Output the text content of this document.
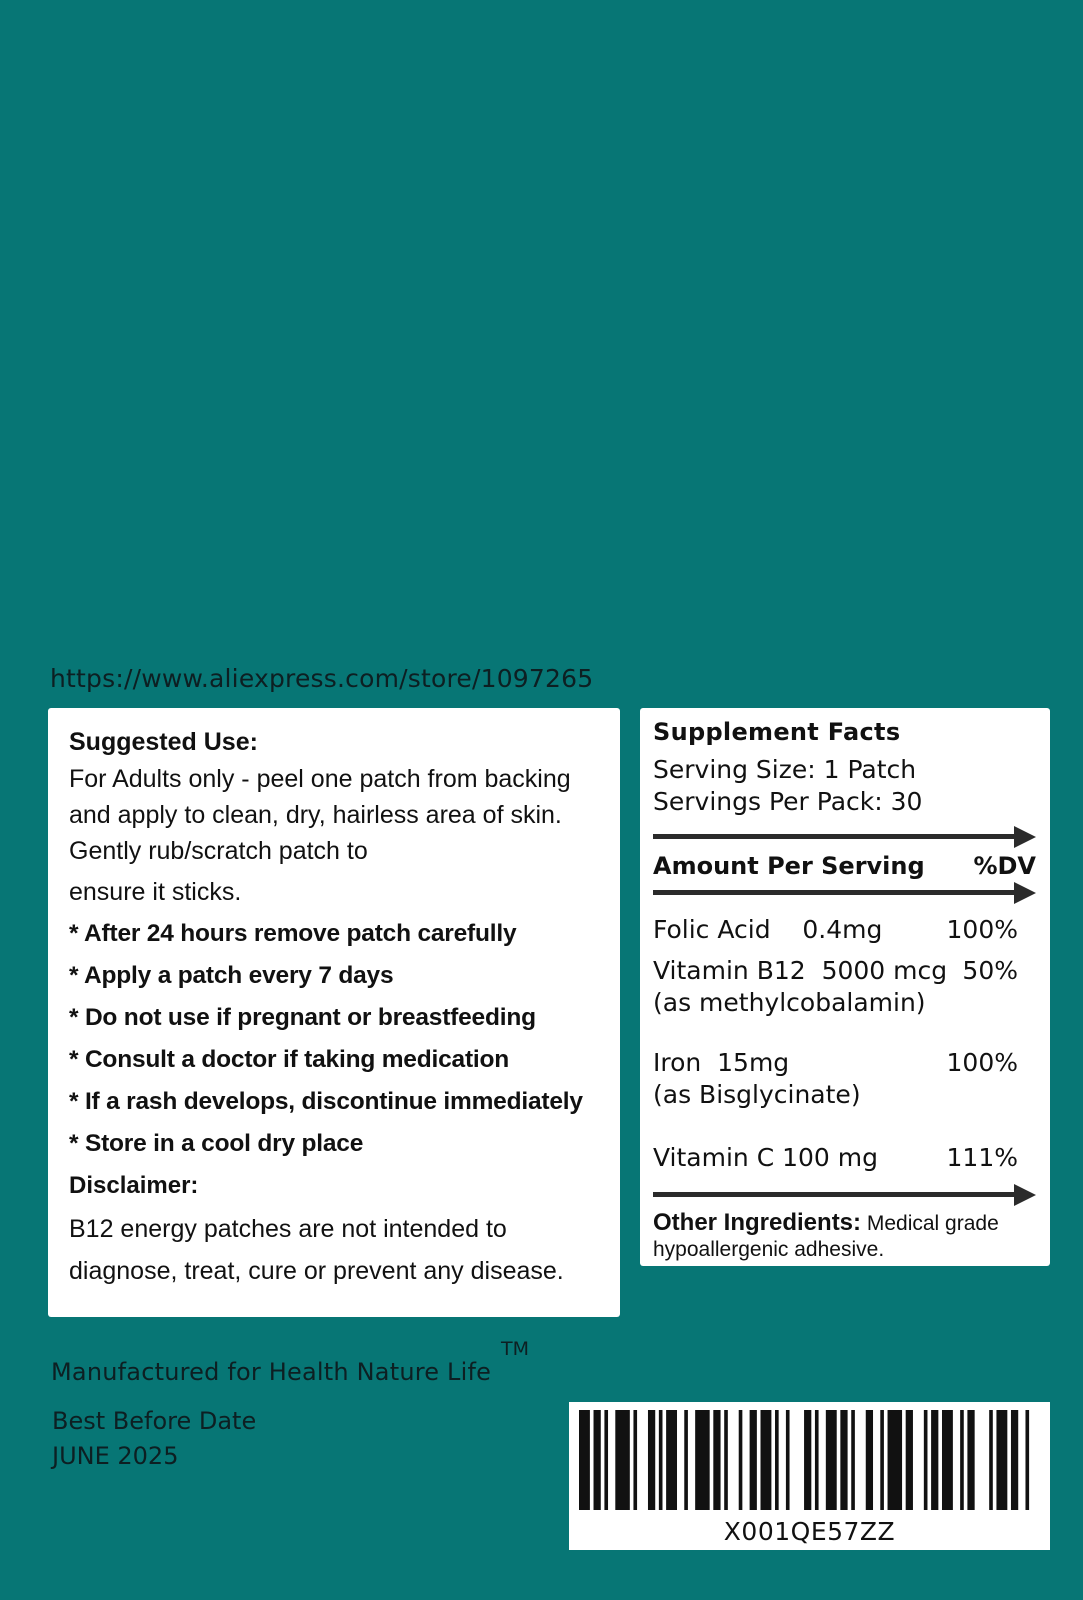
https://www.aliexpress.com/store/1097265
Suggested Use:
For Adults only - peel one patch from backing and apply to clean, dry, hairless area of skin. Gently rub/scratch patch to
ensure it sticks.
* After 24 hours remove patch carefully
* Apply a patch every 7 days
* Do not use if pregnant or breastfeeding
* Consult a doctor if taking medication
* If a rash develops, discontinue immediately
* Store in a cool dry place
Disclaimer:
B12 energy patches are not intended to diagnose, treat, cure or prevent any disease.
Supplement Facts
Serving Size: 1 Patch
Servings Per Pack: 30
Amount Per Serving %DV
Folic Acid    0.4mg	100%
Vitamin B12  5000 mcg 50%
(as methylcobalamin)
Iron  15mg	100%
(as Bisglycinate)
Vitamin C 100 mg	111%
Other Ingredients: Medical grade hypoallergenic adhesive.
Manufactured for Health Nature Life
TM
Best Before Date
JUNE 2025
X001QE57ZZ
